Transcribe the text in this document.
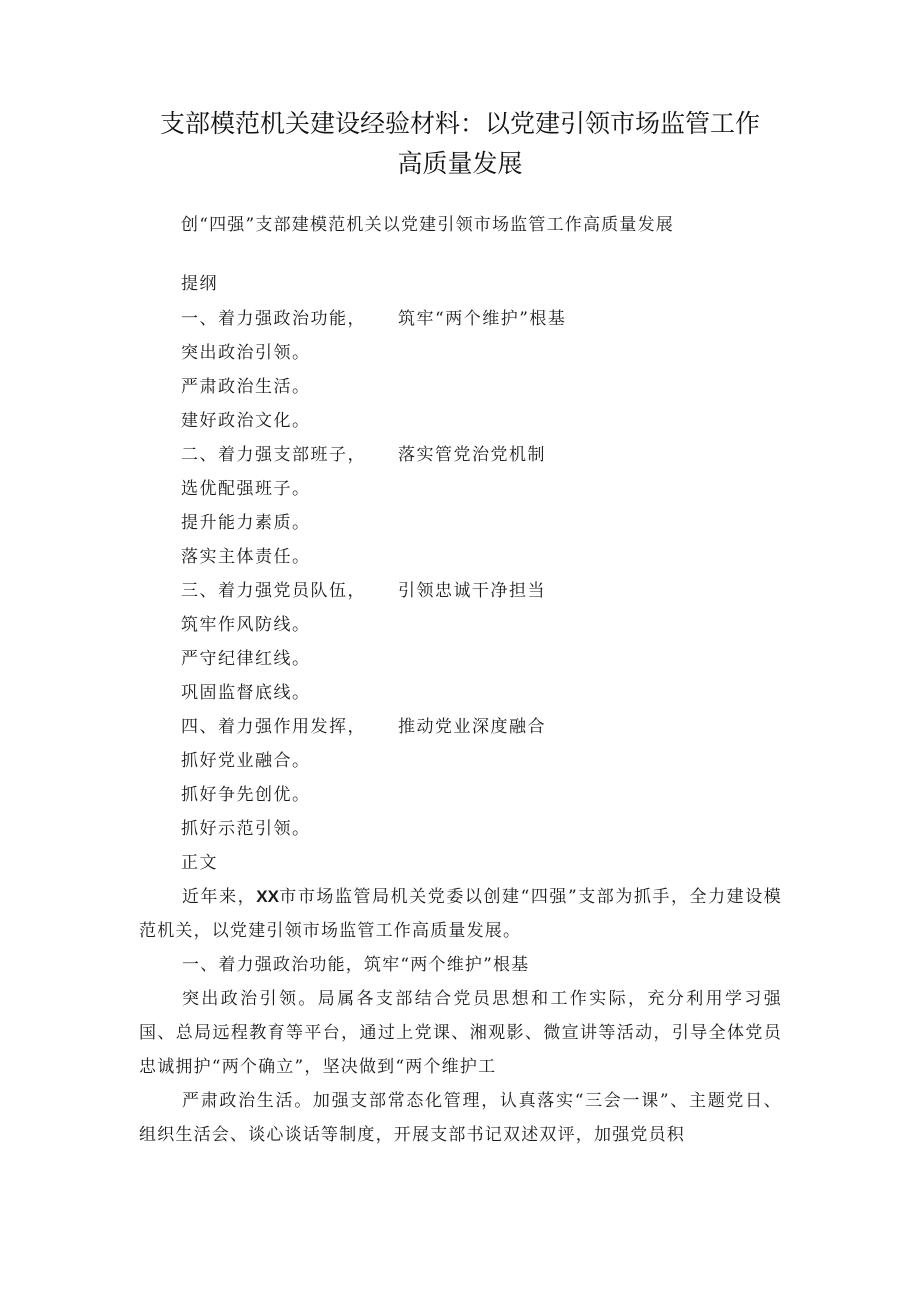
支部模范机关建设经验材料：以党建引领市场监管工作
高质量发展
创“四强”支部建模范机关以党建引领市场监管工作高质量发展
提纲
一、着力强政治功能， 筑牢“两个维护”根基
突出政治引领。
严肃政治生活。
建好政治文化。
二、着力强支部班子， 落实管党治党机制
选优配强班子。
提升能力素质。
落实主体责任。
三、着力强党员队伍， 引领忠诚干净担当
筑牢作风防线。
严守纪律红线。
巩固监督底线。
四、着力强作用发挥， 推动党业深度融合
抓好党业融合。
抓好争先创优。
抓好示范引领。
正文
近年来，XX市市场监管局机关党委以创建“四强”支部为抓手，全力建设模范机关，以党建引领市场监管工作高质量发展。
一、着力强政治功能，筑牢“两个维护”根基
突出政治引领。局属各支部结合党员思想和工作实际，充分利用学习强国、总局远程教育等平台，通过上党课、湘观影、微宣讲等活动，引导全体党员忠诚拥护“两个确立”，坚决做到“两个维护工
严肃政治生活。加强支部常态化管理，认真落实“三会一课”、主题党日、组织生活会、谈心谈话等制度，开展支部书记双述双评，加强党员积
